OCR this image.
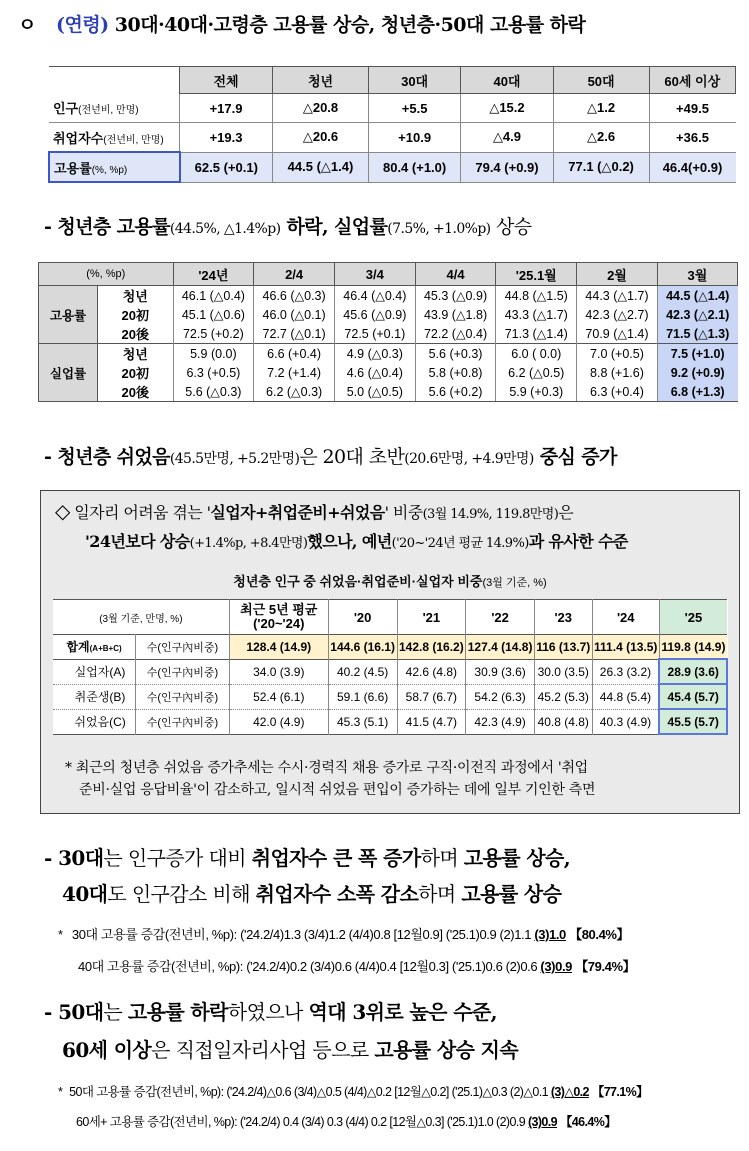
ㅇ (연령) 30대·40대·고령층 고용률 상승, 청년층·50대 고용률 하락
	전체	청년	30대	40대	50대	60세 이상
인구(전년비, 만명)	+17.9	△20.8	+5.5	△15.2	△1.2	+49.5
취업자수(전년비, 만명)	+19.3	△20.6	+10.9	△4.9	△2.6	+36.5
고용률(%, %p)	62.5 (+0.1)	44.5 (△1.4)	80.4 (+1.0)	79.4 (+0.9)	77.1 (△0.2)	46.4(+0.9)
- 청년층 고용률(44.5%, △1.4%p) 하락, 실업률(7.5%, +1.0%p) 상승
(%, %p)		'24년	2/4	3/4	4/4	'25.1월	2월	3월
고용률	청년	46.1 (△0.4)	46.6 (△0.3)	46.4 (△0.4)	45.3 (△0.9)	44.8 (△1.5)	44.3 (△1.7)	44.5 (△1.4)
	20初	45.1 (△0.6)	46.0 (△0.1)	45.6 (△0.9)	43.9 (△1.8)	43.3 (△1.7)	42.3 (△2.7)	42.3 (△2.1)
	20後	72.5 (+0.2)	72.7 (△0.1)	72.5 (+0.1)	72.2 (△0.4)	71.3 (△1.4)	70.9 (△1.4)	71.5 (△1.3)
실업률	청년	5.9 (0.0)	6.6 (+0.4)	4.9 (△0.3)	5.6 (+0.3)	6.0 ( 0.0)	7.0 (+0.5)	7.5 (+1.0)
	20初	6.3 (+0.5)	7.2 (+1.4)	4.6 (△0.4)	5.8 (+0.8)	6.2 (△0.5)	8.8 (+1.6)	9.2 (+0.9)
	20後	5.6 (△0.3)	6.2 (△0.3)	5.0 (△0.5)	5.6 (+0.2)	5.9 (+0.3)	6.3 (+0.4)	6.8 (+1.3)
- 청년층 쉬었음(45.5만명, +5.2만명)은 20대 초반(20.6만명, +4.9만명) 중심 증가
◇ 일자리 어려움 겪는 '실업자+취업준비+쉬었음' 비중(3월 14.9%, 119.8만명)은
'24년보다 상승(+1.4%p, +8.4만명)했으나, 예년('20~'24년 평균 14.9%)과 유사한 수준
청년층 인구 중 쉬었음·취업준비·실업자 비중(3월 기준, %)
(3월 기준, 만명, %)		최근 5년 평균 ('20~'24)	'20	'21	'22	'23	'24	'25
합계(A+B+C)	수(인구內비중)	128.4 (14.9)	144.6 (16.1)	142.8 (16.2)	127.4 (14.8)	116 (13.7)	111.4 (13.5)	119.8 (14.9)
실업자(A)	수(인구內비중)	34.0 (3.9)	40.2 (4.5)	42.6 (4.8)	30.9 (3.6)	30.0 (3.5)	26.3 (3.2)	28.9 (3.6)
취준생(B)	수(인구內비중)	52.4 (6.1)	59.1 (6.6)	58.7 (6.7)	54.2 (6.3)	45.2 (5.3)	44.8 (5.4)	45.4 (5.7)
쉬었음(C)	수(인구內비중)	42.0 (4.9)	45.3 (5.1)	41.5 (4.7)	42.3 (4.9)	40.8 (4.8)	40.3 (4.9)	45.5 (5.7)
* 최근의 청년층 쉬었음 증가추세는 수시·경력직 채용 증가로 구직·이전직 과정에서 '취업
준비·실업 응답비율'이 감소하고, 일시적 쉬었음 편입이 증가하는 데에 일부 기인한 측면
- 30대는 인구증가 대비 취업자수 큰 폭 증가하며 고용률 상승,
40대도 인구감소 비해 취업자수 소폭 감소하며 고용률 상승
* 30대 고용률 증감(전년비, %p): ('24.2/4)1.3 (3/4)1.2 (4/4)0.8 [12월0.9] ('25.1)0.9 (2)1.1 (3)1.0 【80.4%】
40대 고용률 증감(전년비, %p): ('24.2/4)0.2 (3/4)0.6 (4/4)0.4 [12월0.3] ('25.1)0.6 (2)0.6 (3)0.9 【79.4%】
- 50대는 고용률 하락하였으나 역대 3위로 높은 수준,
60세 이상은 직접일자리사업 등으로 고용률 상승 지속
* 50대 고용률 증감(전년비, %p): ('24.2/4)△0.6 (3/4)△0.5 (4/4)△0.2 [12월△0.2] ('25.1)△0.3 (2)△0.1 (3)△0.2 【77.1%】
60세+ 고용률 증감(전년비, %p): ('24.2/4) 0.4 (3/4) 0.3 (4/4) 0.2 [12월△0.3] ('25.1)1.0 (2)0.9 (3)0.9 【46.4%】
